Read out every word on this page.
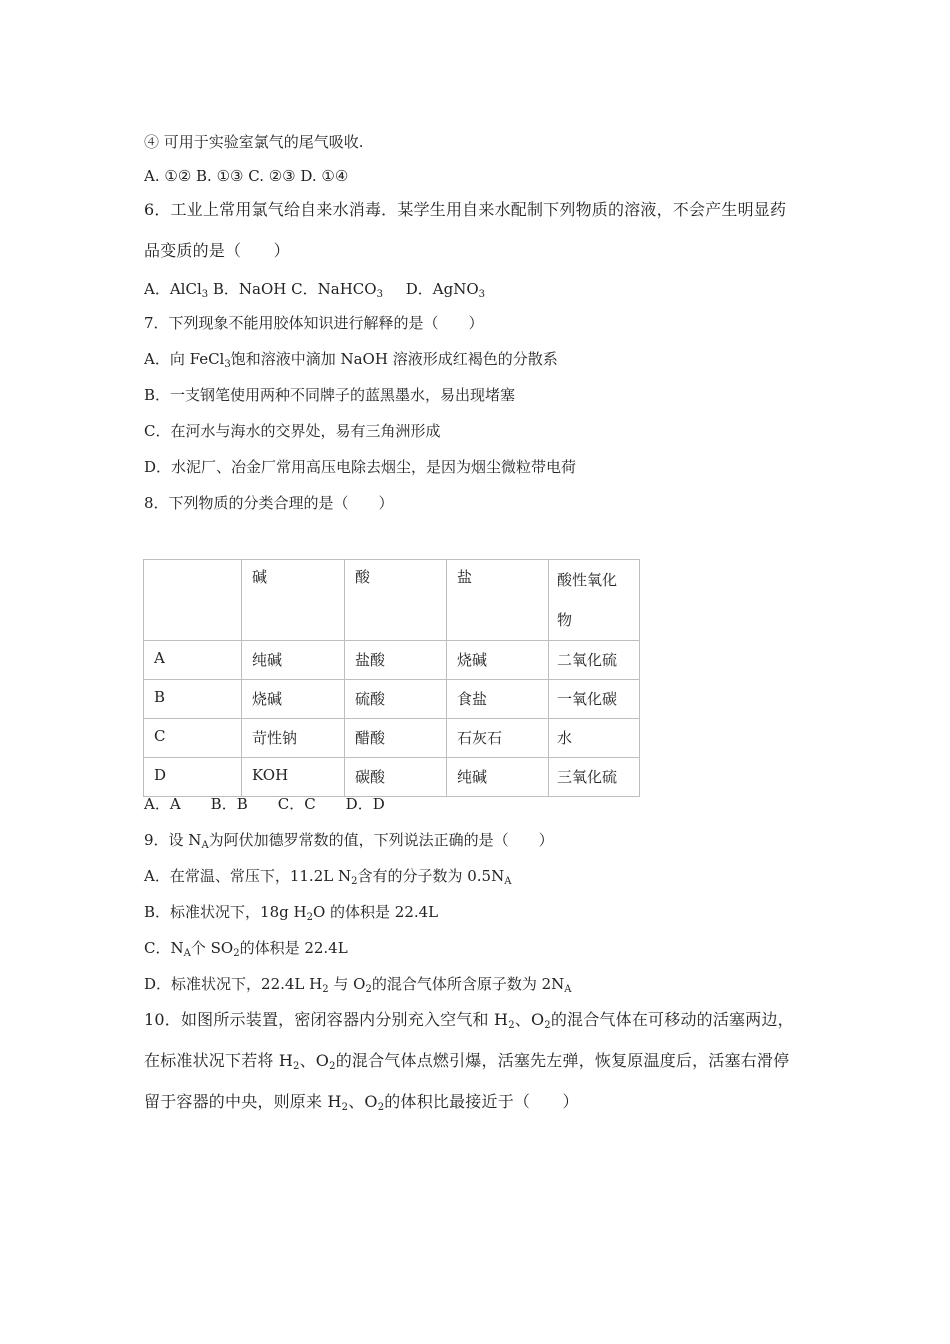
④ 可用于实验室氯气的尾气吸收.
A. ①② B. ①③ C. ②③ D. ①④
6．工业上常用氯气给自来水消毒．某学生用自来水配制下列物质的溶液，不会产生明显药
品变质的是（　　）
A．AlCl$_3$ B．NaOH C．NaHCO$_3$ D．AgNO$_3$
7．下列现象不能用胶体知识进行解释的是（　　）
A．向 FeCl$_3$饱和溶液中滴加 NaOH 溶液形成红褐色的分散系
B．一支钢笔使用两种不同牌子的蓝黑墨水，易出现堵塞
C．在河水与海水的交界处，易有三角洲形成
D．水泥厂、冶金厂常用高压电除去烟尘，是因为烟尘微粒带电荷
8．下列物质的分类合理的是（　　）
	碱	酸	盐	酸性氧化物
A	纯碱	盐酸	烧碱	二氧化硫
B	烧碱	硫酸	食盐	一氧化碳
C	苛性钠	醋酸	石灰石	水
D	KOH	碳酸	纯碱	三氧化硫
A．A　　B．B　　C．C　　D．D
9．设 $N_A$为阿伏加德罗常数的值，下列说法正确的是（　　）
A．在常温、常压下，11.2L $N_2$含有的分子数为 $0.5N_A$
B．标准状况下，18g $H_2O$ 的体积是 22.4L
C．$N_A$个 $SO_2$的体积是 22.4L
D．标准状况下，22.4L $H_2$ 与 $O_2$的混合气体所含原子数为 $2N_A$
10．如图所示装置，密闭容器内分别充入空气和 $H_2$、$O_2$的混合气体在可移动的活塞两边，
在标准状况下若将 $H_2$、$O_2$的混合气体点燃引爆，活塞先左弹，恢复原温度后，活塞右滑停
留于容器的中央，则原来 $H_2$、$O_2$的体积比最接近于（　　）
